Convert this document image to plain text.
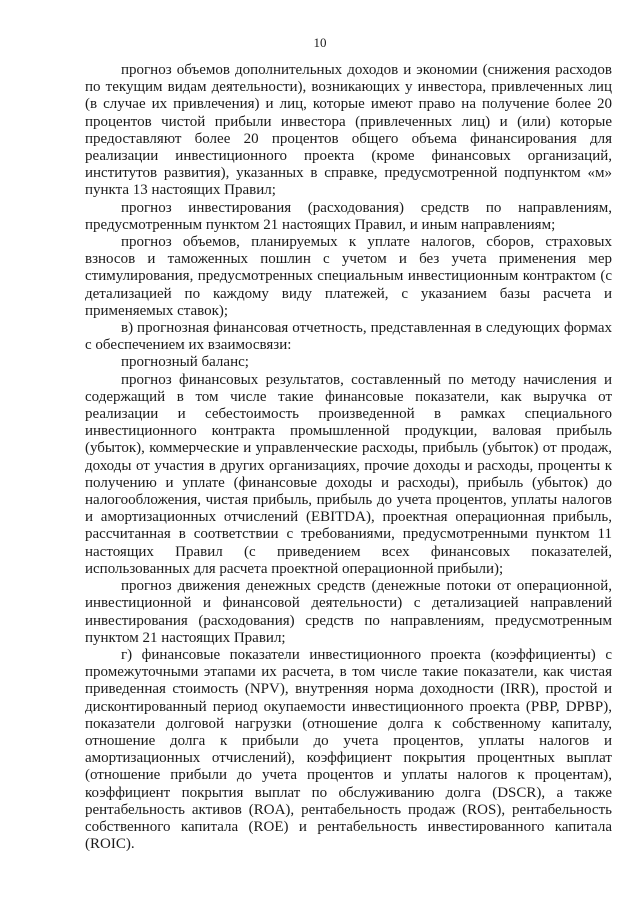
10

прогноз объемов дополнительных доходов и экономии (снижения расходов по текущим видам деятельности), возникающих у инвестора, привлеченных лиц (в случае их привлечения) и лиц, которые имеют право на получение более 20 процентов чистой прибыли инвестора (привлеченных лиц) и (или) которые предоставляют более 20 процентов общего объема финансирования для реализации инвестиционного проекта (кроме финансовых организаций, институтов развития), указанных в справке, предусмотренной подпунктом «м» пункта 13 настоящих Правил;

прогноз инвестирования (расходования) средств по направлениям, предусмотренным пунктом 21 настоящих Правил, и иным направлениям;

прогноз объемов, планируемых к уплате налогов, сборов, страховых взносов и таможенных пошлин с учетом и без учета применения мер стимулирования, предусмотренных специальным инвестиционным контрактом (с детализацией по каждому виду платежей, с указанием базы расчета и применяемых ставок);

в) прогнозная финансовая отчетность, представленная в следующих формах с обеспечением их взаимосвязи:

прогнозный баланс;

прогноз финансовых результатов, составленный по методу начисления и содержащий в том числе такие финансовые показатели, как выручка от реализации и себестоимость произведенной в рамках специального инвестиционного контракта промышленной продукции, валовая прибыль (убыток), коммерческие и управленческие расходы, прибыль (убыток) от продаж, доходы от участия в других организациях, прочие доходы и расходы, проценты к получению и уплате (финансовые доходы и расходы), прибыль (убыток) до налогообложения, чистая прибыль, прибыль до учета процентов, уплаты налогов и амортизационных отчислений (EBITDA), проектная операционная прибыль, рассчитанная в соответствии с требованиями, предусмотренными пунктом 11 настоящих Правил (с приведением всех финансовых показателей, использованных для расчета проектной операционной прибыли);

прогноз движения денежных средств (денежные потоки от операционной, инвестиционной и финансовой деятельности) с детализацией направлений инвестирования (расходования) средств по направлениям, предусмотренным пунктом 21 настоящих Правил;

г) финансовые показатели инвестиционного проекта (коэффициенты) с промежуточными этапами их расчета, в том числе такие показатели, как чистая приведенная стоимость (NPV), внутренняя норма доходности (IRR), простой и дисконтированный период окупаемости инвестиционного проекта (PBP, DPBP), показатели долговой нагрузки (отношение долга к собственному капиталу, отношение долга к прибыли до учета процентов, уплаты налогов и амортизационных отчислений), коэффициент покрытия процентных выплат (отношение прибыли до учета процентов и уплаты налогов к процентам), коэффициент покрытия выплат по обслуживанию долга (DSCR), а также рентабельность активов (ROA), рентабельность продаж (ROS), рентабельность собственного капитала (ROE) и рентабельность инвестированного капитала (ROIC).
